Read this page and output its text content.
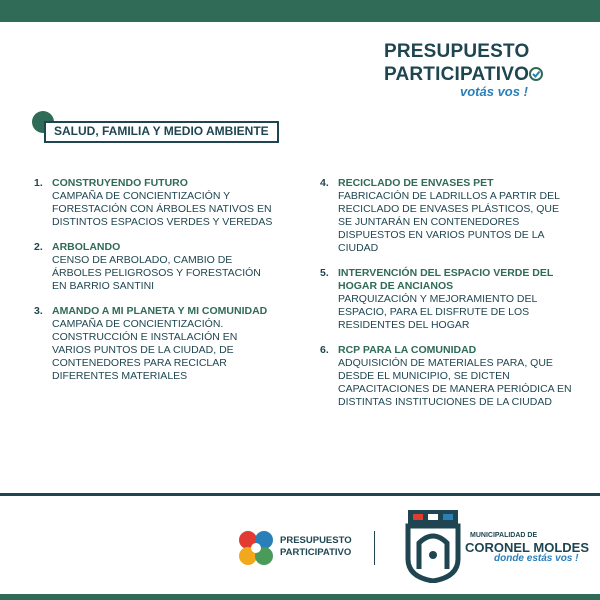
PRESUPUESTO
PARTICIPATIVO
votás vos !
SALUD, FAMILIA Y MEDIO AMBIENTE
1. CONSTRUYENDO FUTURO
CAMPAÑA DE CONCIENTIZACIÓN Y FORESTACIÓN CON ÁRBOLES NATIVOS EN DISTINTOS ESPACIOS VERDES Y VEREDAS
2. ARBOLANDO
CENSO DE ARBOLADO, CAMBIO DE ÁRBOLES PELIGROSOS Y FORESTACIÓN EN BARRIO SANTINI
3. AMANDO A MI PLANETA Y MI COMUNIDAD
CAMPAÑA DE CONCIENTIZACIÓN. CONSTRUCCIÓN E INSTALACIÓN EN VARIOS PUNTOS DE LA CIUDAD, DE CONTENEDORES PARA RECICLAR DIFERENTES MATERIALES
4. RECICLADO DE ENVASES PET
FABRICACIÓN DE LADRILLOS A PARTIR DEL RECICLADO DE ENVASES PLÁSTICOS, QUE SE JUNTARÁN EN CONTENEDORES DISPUESTOS EN VARIOS PUNTOS DE LA CIUDAD
5. INTERVENCIÓN DEL ESPACIO VERDE DEL HOGAR DE ANCIANOS
PARQUIZACIÓN Y MEJORAMIENTO DEL ESPACIO, PARA EL DISFRUTE DE LOS RESIDENTES DEL HOGAR
6. RCP PARA LA COMUNIDAD
ADQUISICIÓN DE MATERIALES PARA, QUE DESDE EL MUNICIPIO, SE DICTEN CAPACITACIONES DE MANERA PERIÓDICA EN DISTINTAS INSTITUCIONES DE LA CIUDAD
PRESUPUESTO
PARTICIPATIVO
MUNICIPALIDAD DE
CORONEL MOLDES
donde estás vos !
